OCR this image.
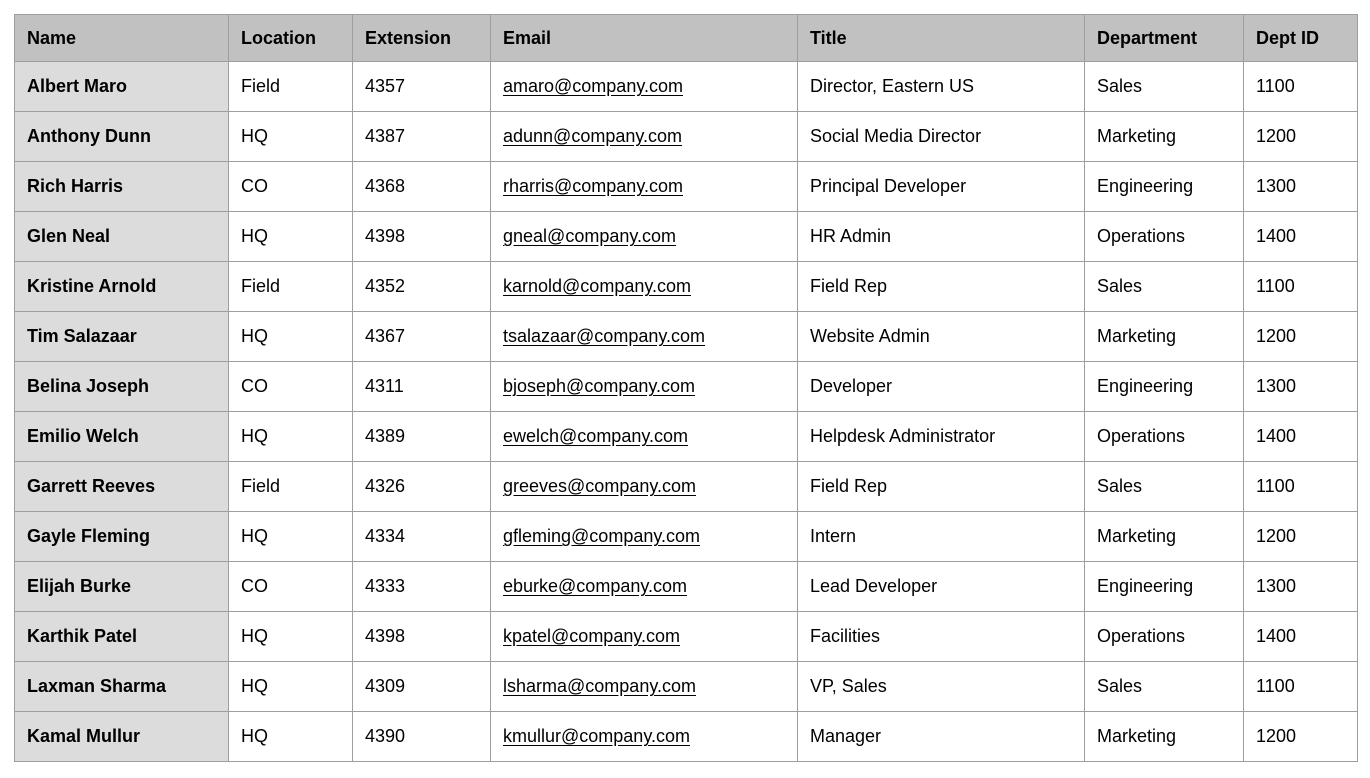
Name	Location	Extension	Email	Title	Department	Dept ID
Albert Maro	Field	4357	amaro@company.com	Director, Eastern US	Sales	1100
Anthony Dunn	HQ	4387	adunn@company.com	Social Media Director	Marketing	1200
Rich Harris	CO	4368	rharris@company.com	Principal Developer	Engineering	1300
Glen Neal	HQ	4398	gneal@company.com	HR Admin	Operations	1400
Kristine Arnold	Field	4352	karnold@company.com	Field Rep	Sales	1100
Tim Salazaar	HQ	4367	tsalazaar@company.com	Website Admin	Marketing	1200
Belina Joseph	CO	4311	bjoseph@company.com	Developer	Engineering	1300
Emilio Welch	HQ	4389	ewelch@company.com	Helpdesk Administrator	Operations	1400
Garrett Reeves	Field	4326	greeves@company.com	Field Rep	Sales	1100
Gayle Fleming	HQ	4334	gfleming@company.com	Intern	Marketing	1200
Elijah Burke	CO	4333	eburke@company.com	Lead Developer	Engineering	1300
Karthik Patel	HQ	4398	kpatel@company.com	Facilities	Operations	1400
Laxman Sharma	HQ	4309	lsharma@company.com	VP, Sales	Sales	1100
Kamal Mullur	HQ	4390	kmullur@company.com	Manager	Marketing	1200
